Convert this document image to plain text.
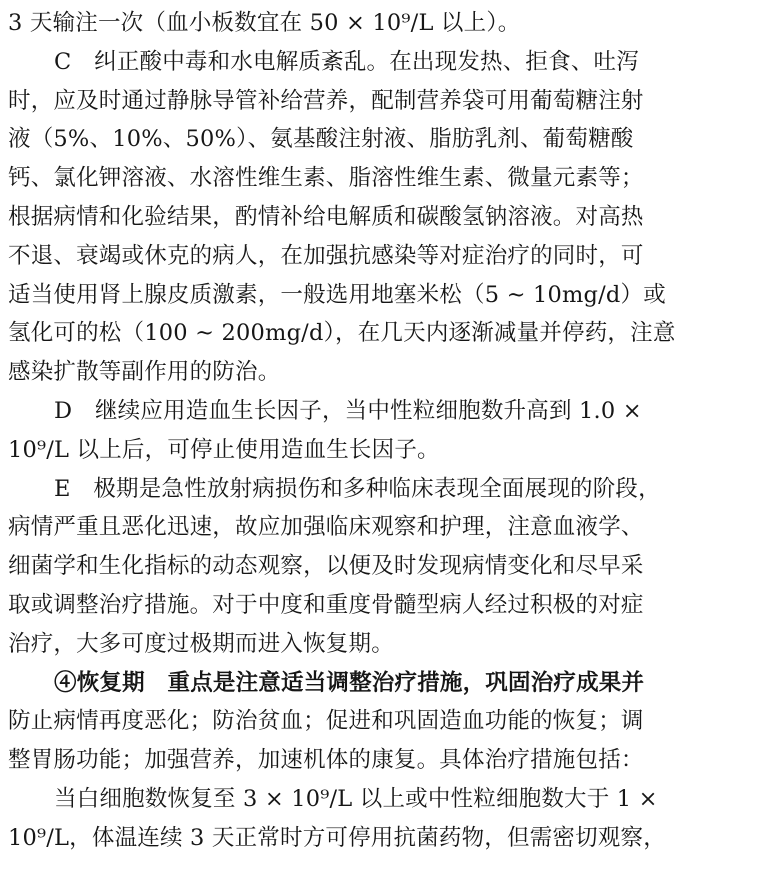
3 天输注一次（血小板数宜在 50 × 10⁹/L 以上）。
C　纠正酸中毒和水电解质紊乱。在出现发热、拒食、吐泻
时，应及时通过静脉导管补给营养，配制营养袋可用葡萄糖注射
液（5%、10%、50%）、氨基酸注射液、脂肪乳剂、葡萄糖酸
钙、氯化钾溶液、水溶性维生素、脂溶性维生素、微量元素等；
根据病情和化验结果，酌情补给电解质和碳酸氢钠溶液。对高热
不退、衰竭或休克的病人，在加强抗感染等对症治疗的同时，可
适当使用肾上腺皮质激素，一般选用地塞米松（5 ~ 10mg/d）或
氢化可的松（100 ~ 200mg/d），在几天内逐渐减量并停药，注意
感染扩散等副作用的防治。
D　继续应用造血生长因子，当中性粒细胞数升高到 1.0 ×
10⁹/L 以上后，可停止使用造血生长因子。
E　极期是急性放射病损伤和多种临床表现全面展现的阶段，
病情严重且恶化迅速，故应加强临床观察和护理，注意血液学、
细菌学和生化指标的动态观察，以便及时发现病情变化和尽早采
取或调整治疗措施。对于中度和重度骨髓型病人经过积极的对症
治疗，大多可度过极期而进入恢复期。
④恢复期　重点是注意适当调整治疗措施，巩固治疗成果并
防止病情再度恶化；防治贫血；促进和巩固造血功能的恢复；调
整胃肠功能；加强营养，加速机体的康复。具体治疗措施包括：
当白细胞数恢复至 3 × 10⁹/L 以上或中性粒细胞数大于 1 ×
10⁹/L，体温连续 3 天正常时方可停用抗菌药物，但需密切观察，
